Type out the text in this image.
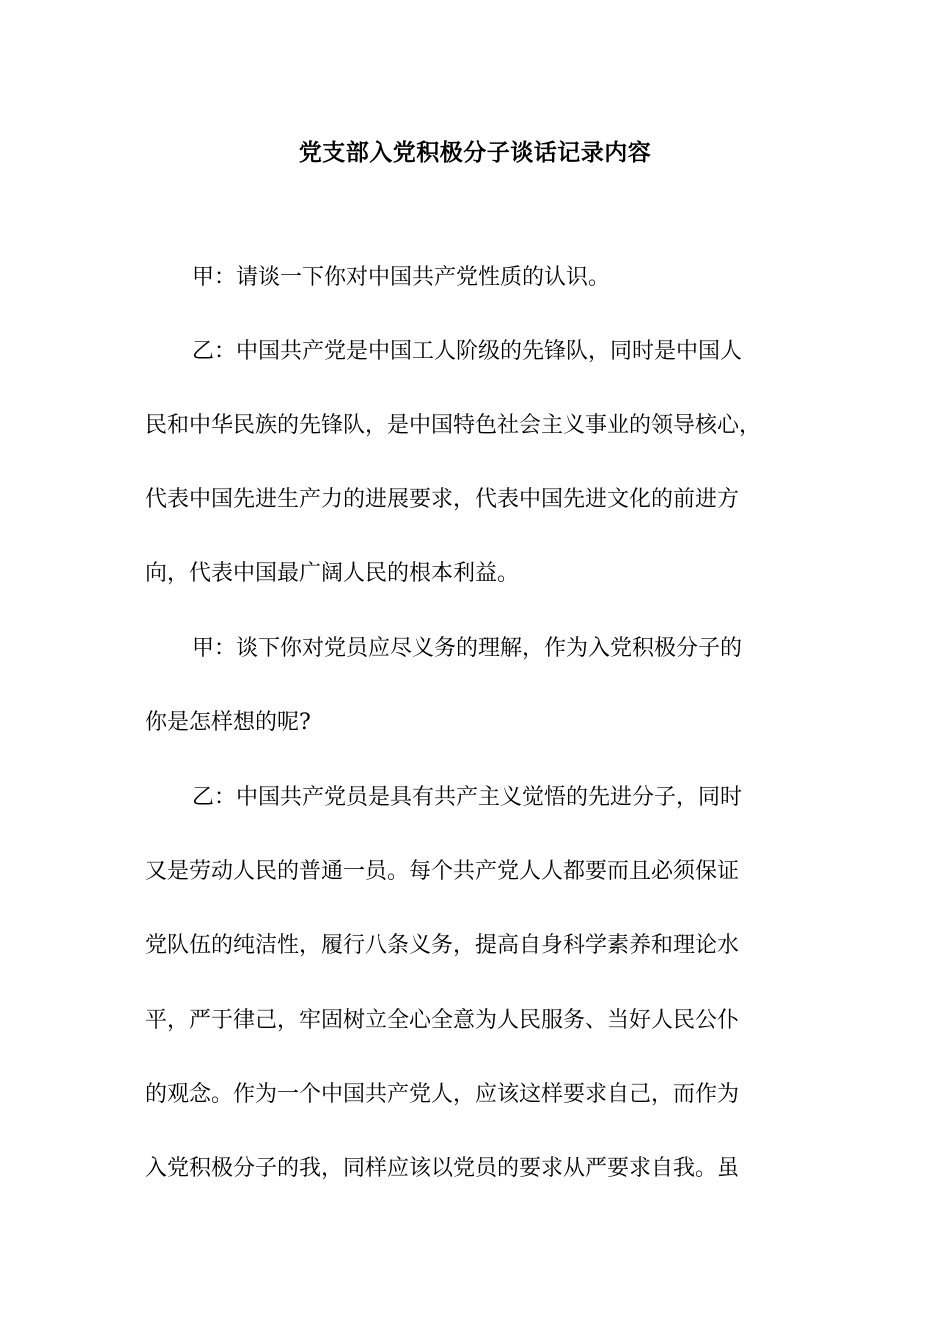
党支部入党积极分子谈话记录内容

甲：请谈一下你对中国共产党性质的认识。

乙：中国共产党是中国工人阶级的先锋队，同时是中国人

民和中华民族的先锋队，是中国特色社会主义事业的领导核心，

代表中国先进生产力的进展要求，代表中国先进文化的前进方

向，代表中国最广阔人民的根本利益。

甲：谈下你对党员应尽义务的理解，作为入党积极分子的

你是怎样想的呢?

乙：中国共产党员是具有共产主义觉悟的先进分子，同时

又是劳动人民的普通一员。每个共产党人人都要而且必须保证

党队伍的纯洁性，履行八条义务，提高自身科学素养和理论水

平，严于律己，牢固树立全心全意为人民服务、当好人民公仆

的观念。作为一个中国共产党人，应该这样要求自己，而作为

入党积极分子的我，同样应该以党员的要求从严要求自我。虽
